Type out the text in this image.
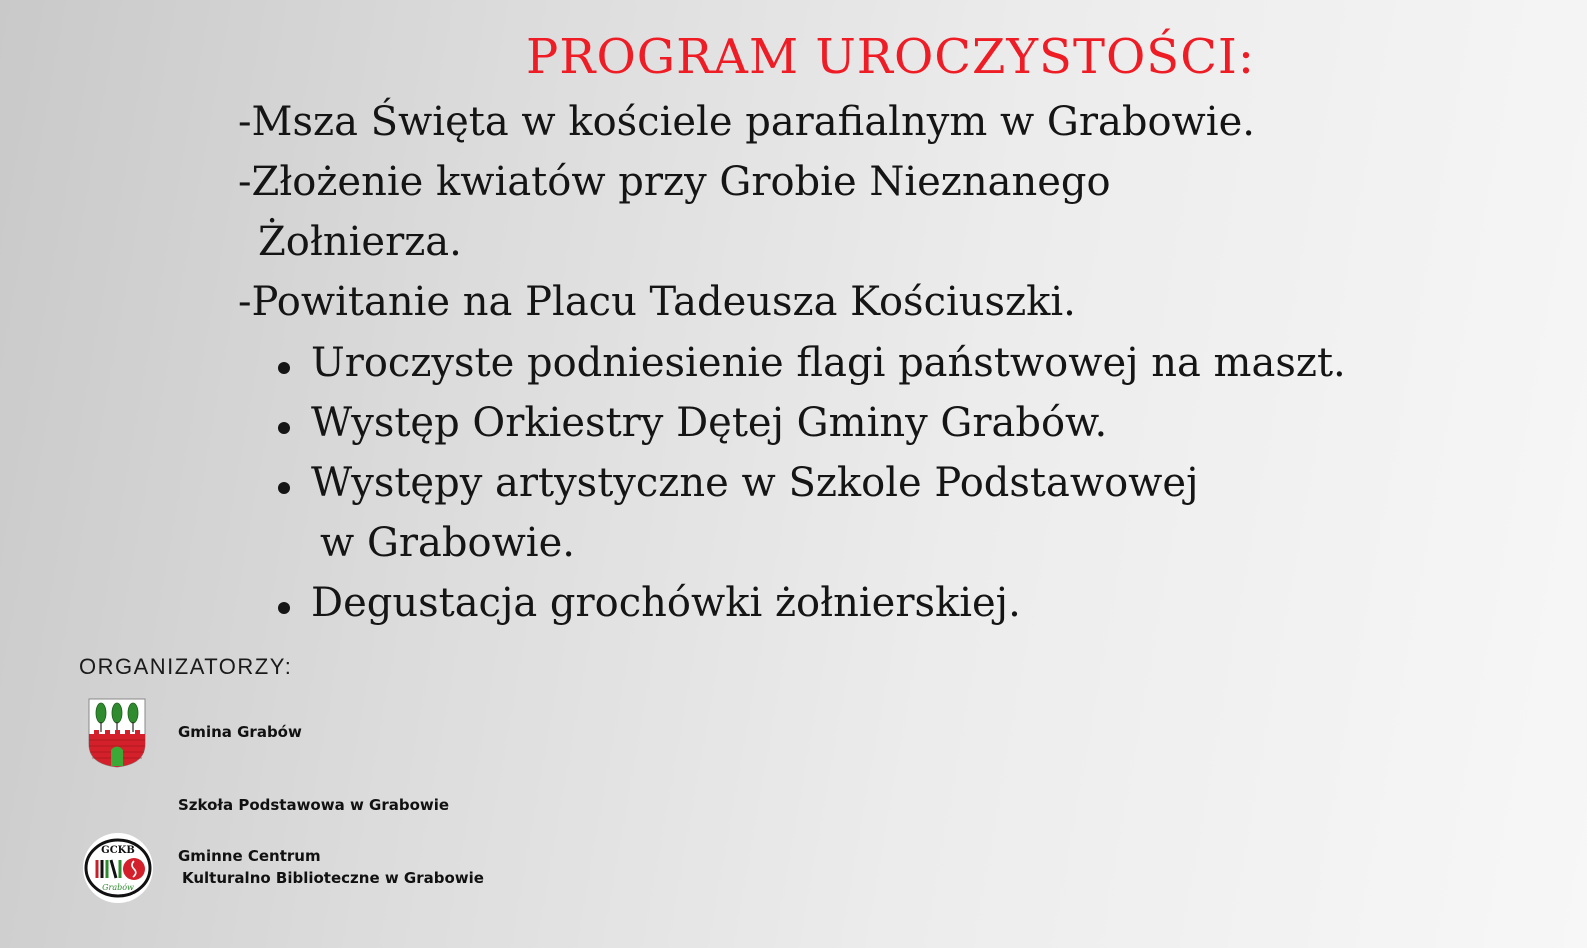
PROGRAM UROCZYSTOŚCI:
-Msza Święta w kościele parafialnym w Grabowie.
-Złożenie kwiatów przy Grobie Nieznanego
Żołnierza.
-Powitanie na Placu Tadeusza Kościuszki.
Uroczyste podniesienie flagi państwowej na maszt.
Występ Orkiestry Dętej Gminy Grabów.
Występy artystyczne w Szkole Podstawowej
w Grabowie.
Degustacja grochówki żołnierskiej.
ORGANIZATORZY:
Gmina Grabów
Szkoła Podstawowa w Grabowie
GCKB
Grabów
Gminne Centrum
Kulturalno Biblioteczne w Grabowie
